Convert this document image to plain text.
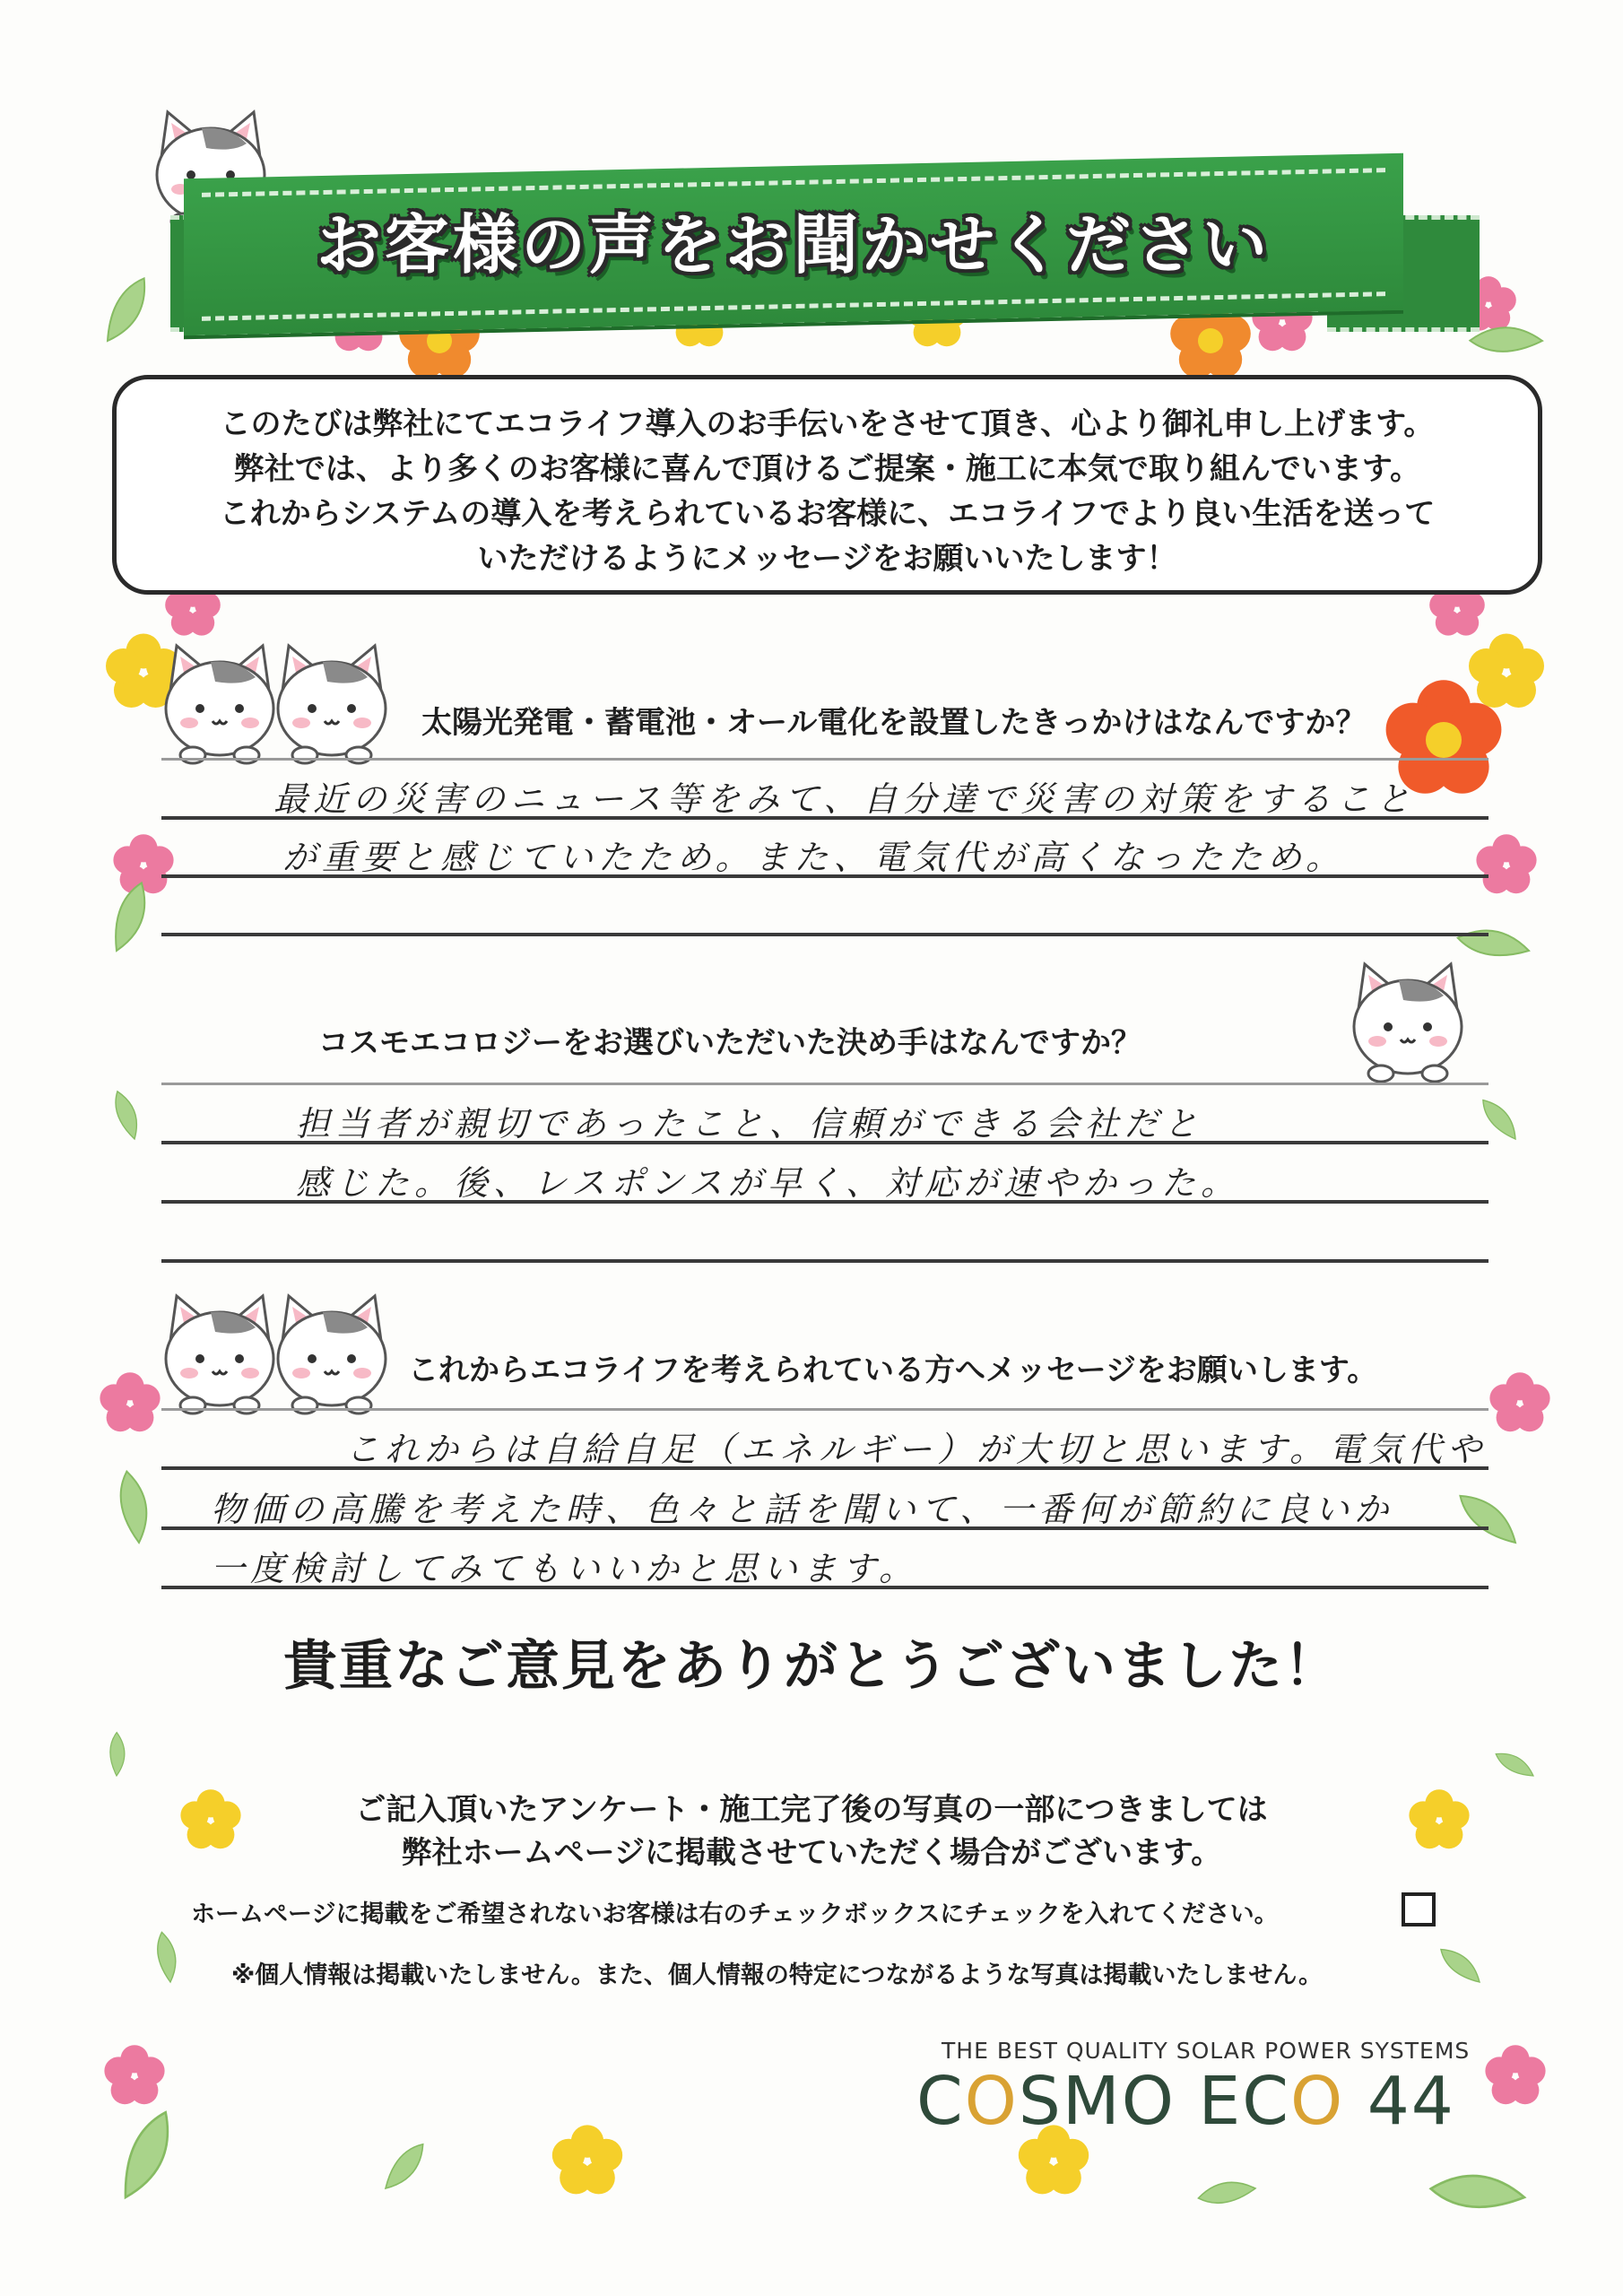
お客様の声をお聞かせください
このたびは弊社にてエコライフ導入のお手伝いをさせて頂き、心より御礼申し上げます。
弊社では、より多くのお客様に喜んで頂けるご提案・施工に本気で取り組んでいます。
これからシステムの導入を考えられているお客様に、エコライフでより良い生活を送って
いただけるようにメッセージをお願いいたします！
太陽光発電・蓄電池・オール電化を設置したきっかけはなんですか？
最近の災害のニュース等をみて、自分達で災害の対策をすること
が重要と感じていたため。また、電気代が高くなったため。
コスモエコロジーをお選びいただいた決め手はなんですか？
担当者が親切であったこと、信頼ができる会社だと
感じた。後、レスポンスが早く、対応が速やかった。
これからエコライフを考えられている方へメッセージをお願いします。
これからは自給自足（エネルギー）が大切と思います。電気代や
物価の高騰を考えた時、色々と話を聞いて、一番何が節約に良いか
一度検討してみてもいいかと思います。
貴重なご意見をありがとうございました！
ご記入頂いたアンケート・施工完了後の写真の一部につきましては
弊社ホームページに掲載させていただく場合がございます。
ホームページに掲載をご希望されないお客様は右のチェックボックスにチェックを入れてください。
※個人情報は掲載いたしません。また、個人情報の特定につながるような写真は掲載いたしません。
THE BEST QUALITY SOLAR POWER SYSTEMS
COSMO ECO 44
